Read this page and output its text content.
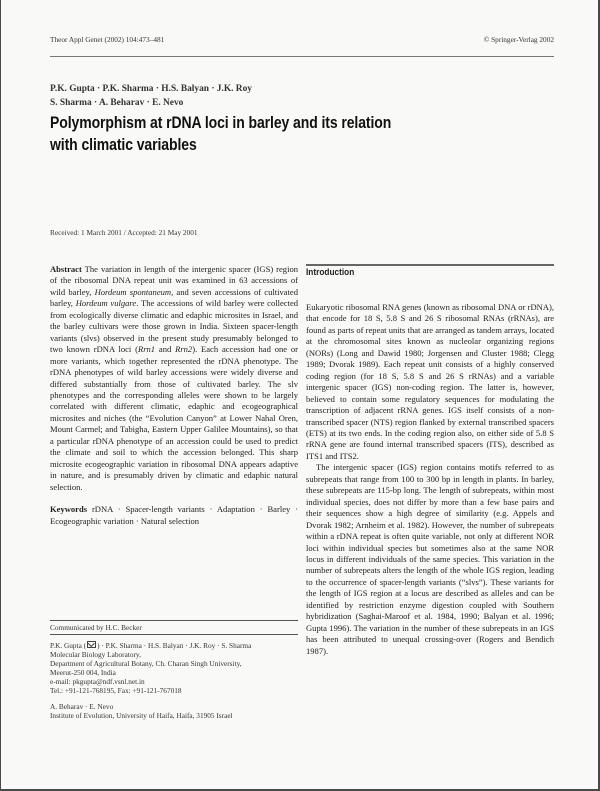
Theor Appl Genet (2002) 104:473–481	© Springer-Verlag 2002
P.K. Gupta · P.K. Sharma · H.S. Balyan · J.K. Roy
S. Sharma · A. Beharav · E. Nevo
Polymorphism at rDNA loci in barley and its relation
with climatic variables
Received: 1 March 2001 / Accepted: 21 May 2001

Abstract The variation in length of the intergenic spacer (IGS) region of the ribosomal DNA repeat unit was examined in 63 accessions of wild barley, Hordeum spontaneum, and seven accessions of cultivated barley, Hordeum vulgare. The accessions of wild barley were collected from ecologically diverse climatic and edaphic microsites in Israel, and the barley cultivars were those grown in India. Sixteen spacer-length variants (slvs) observed in the present study presumably belonged to two known rDNA loci (Rrn1 and Rrn2). Each accession had one or more variants, which together represented the rDNA phenotype. The rDNA phenotypes of wild barley accessions were widely diverse and differed substantially from those of cultivated barley. The slv phenotypes and the corresponding alleles were shown to be largely correlated with different climatic, edaphic and ecogeographical microsites and niches (the “Evolution Canyon” at Lower Nahal Oren, Mount Carmel; and Tabigha, Eastern Upper Galilee Mountains), so that a particular rDNA phenotype of an accession could be used to predict the climate and soil to which the accession belonged. This sharp microsite ecogeographic variation in ribosomal DNA appears adaptive in nature, and is presumably driven by climatic and edaphic natural selection.

Keywords rDNA · Spacer-length variants · Adaptation · Barley · Ecogeographic variation · Natural selection

Communicated by H.C. Becker
P.K. Gupta ( ) · P.K. Sharma · H.S. Balyan · J.K. Roy · S. Sharma
Molecular Biology Laboratory,
Department of Agricultural Botany, Ch. Charan Singh University,
Meerut-250 004, India
e-mail: pkgupta@ndf.vsnl.net.in
Tel.: +91-121-768195, Fax: +91-121-767018
A. Beharav · E. Nevo
Institute of Evolution, University of Haifa, Haifa, 31905 Israel
Introduction

Eukaryotic ribosomal RNA genes (known as ribosomal DNA or rDNA), that encode for 18 S, 5.8 S and 26 S ribosomal RNAs (rRNAs), are found as parts of repeat units that are arranged as tandem arrays, located at the chromosomal sites known as nucleolar organizing regions (NORs) (Long and Dawid 1980; Jorgensen and Cluster 1988; Clegg 1989; Dvorak 1989). Each repeat unit consists of a highly conserved coding region (for 18 S, 5.8 S and 26 S rRNAs) and a variable intergenic spacer (IGS) non-coding region. The latter is, however, believed to contain some regulatory sequences for modulating the transcription of adjacent rRNA genes. IGS itself consists of a non-transcribed spacer (NTS) region flanked by external transcribed spacers (ETS) at its two ends. In the coding region also, on either side of 5.8 S rRNA gene are found internal transcribed spacers (ITS), described as ITS1 and ITS2.

The intergenic spacer (IGS) region contains motifs referred to as subrepeats that range from 100 to 300 bp in length in plants. In barley, these subrepeats are 115-bp long. The length of subrepeats, within most individual species, does not differ by more than a few base pairs and their sequences show a high degree of similarity (e.g. Appels and Dvorak 1982; Arnheim et al. 1982). However, the number of subrepeats within a rDNA repeat is often quite variable, not only at different NOR loci within individual species but sometimes also at the same NOR locus in different individuals of the same species. This variation in the number of subrepeats alters the length of the whole IGS region, leading to the occurrence of spacer-length variants (“slvs”). These variants for the length of IGS region at a locus are described as alleles and can be identified by restriction enzyme digestion coupled with Southern hybridization (Saghai-Maroof et al. 1984, 1990; Balyan et al. 1996; Gupta 1996). The variation in the number of these subrepeats in an IGS has been attributed to unequal crossing-over (Rogers and Bendich 1987).
